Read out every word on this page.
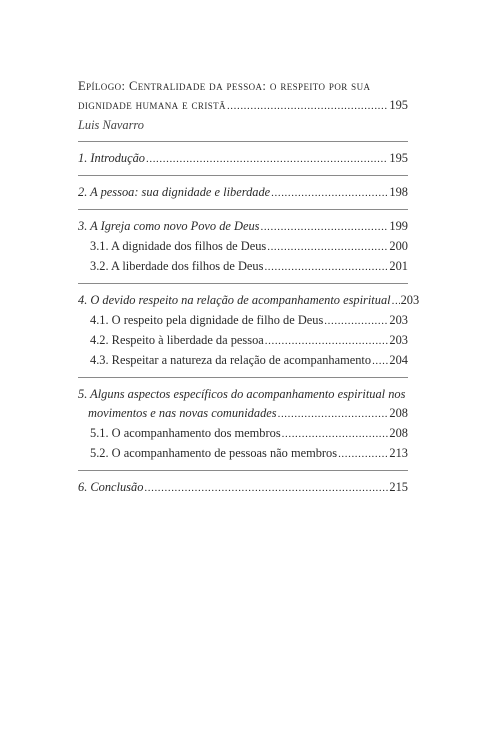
Epílogo: Centralidade da pessoa: o respeito por sua
dignidade humana e cristã .....	195
Luis Navarro
1. Introdução .....	195
2. A pessoa: sua dignidade e liberdade .....	198
3. A Igreja como novo Povo de Deus .....	199
3.1. A dignidade dos filhos de Deus .....	200
3.2. A liberdade dos filhos de Deus .....	201
4. O devido respeito na relação de acompanhamento espiritual ..... 203
4.1. O respeito pela dignidade de filho de Deus .....	203
4.2. Respeito à liberdade da pessoa .....	203
4.3. Respeitar a natureza da relação de acompanhamento ..... 204
5. Alguns aspectos específicos do acompanhamento espiritual nos
movimentos e nas novas comunidades .....	208
5.1. O acompanhamento dos membros .....	208
5.2. O acompanhamento de pessoas não membros .....	213
6. Conclusão .....	215
